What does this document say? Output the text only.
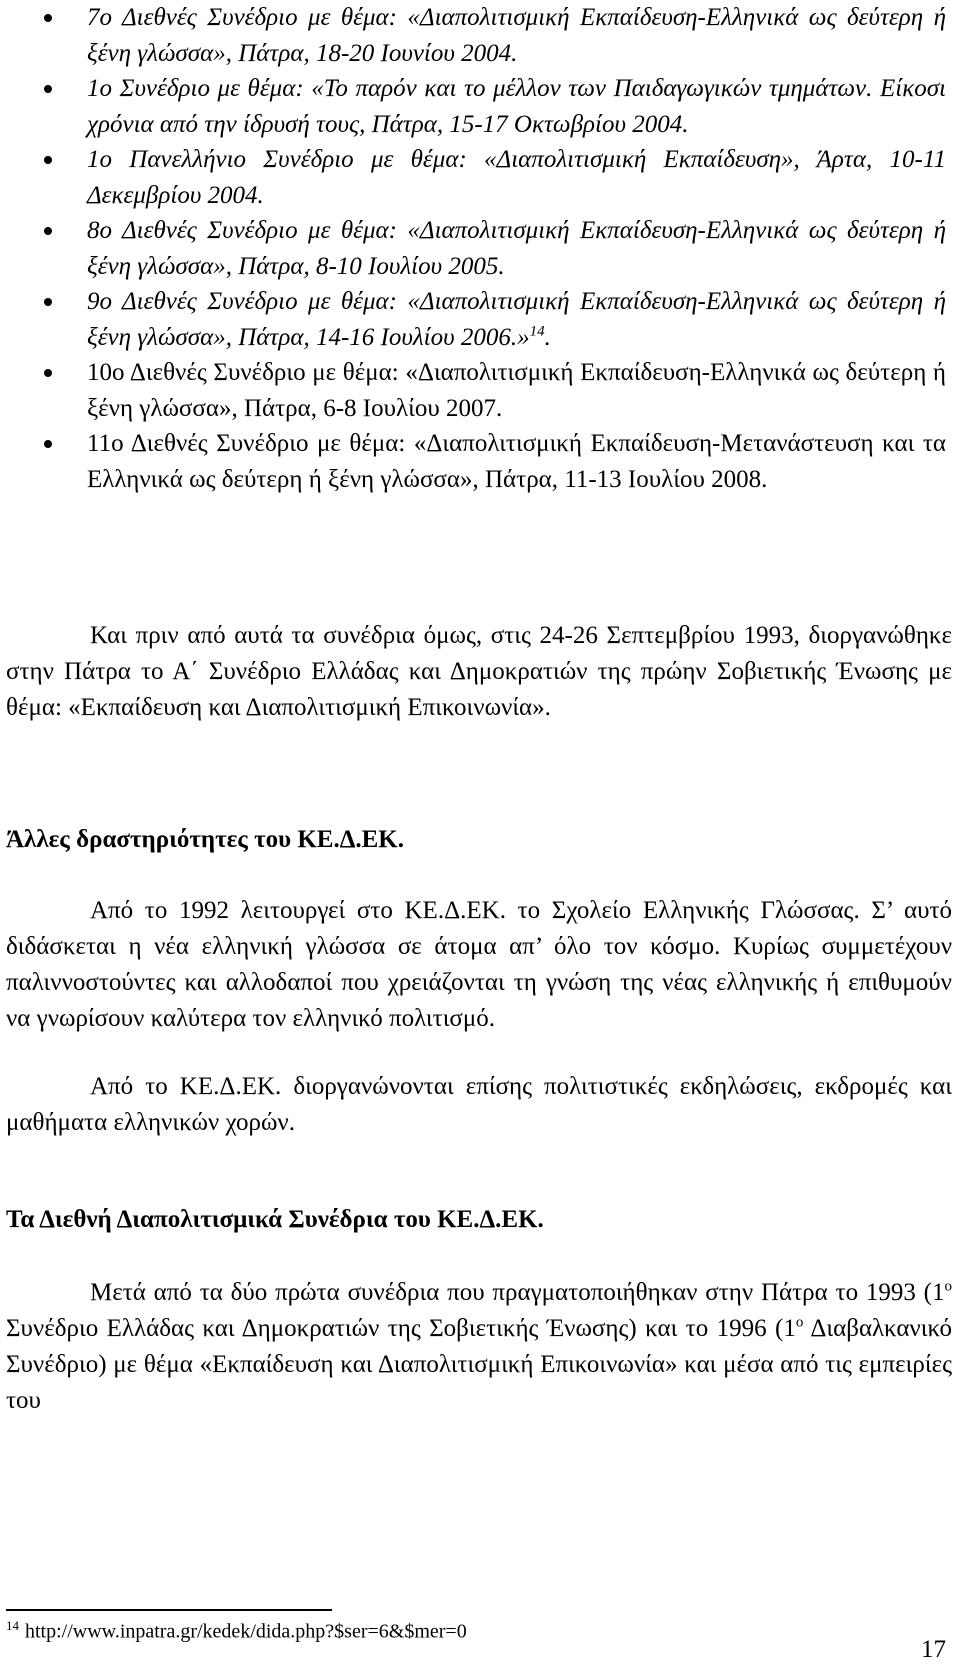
7ο Διεθνές Συνέδριο με θέμα: «Διαπολιτισμική Εκπαίδευση-Ελληνικά ως δεύτερη ή ξένη γλώσσα», Πάτρα, 18-20 Ιουνίου 2004.
1ο Συνέδριο με θέμα: «Το παρόν και το μέλλον των Παιδαγωγικών τμημάτων. Είκοσι χρόνια από την ίδρυσή τους, Πάτρα, 15-17 Οκτωβρίου 2004.
1ο Πανελλήνιο Συνέδριο με θέμα: «Διαπολιτισμική Εκπαίδευση», Άρτα, 10-11 Δεκεμβρίου 2004.
8ο Διεθνές Συνέδριο με θέμα: «Διαπολιτισμική Εκπαίδευση-Ελληνικά ως δεύτερη ή ξένη γλώσσα», Πάτρα, 8-10 Ιουλίου 2005.
9ο Διεθνές Συνέδριο με θέμα: «Διαπολιτισμική Εκπαίδευση-Ελληνικά ως δεύτερη ή ξένη γλώσσα», Πάτρα, 14-16 Ιουλίου 2006.»$^{14}$.
10ο Διεθνές Συνέδριο με θέμα: «Διαπολιτισμική Εκπαίδευση-Ελληνικά ως δεύτερη ή ξένη γλώσσα», Πάτρα, 6-8 Ιουλίου 2007.
11ο Διεθνές Συνέδριο με θέμα: «Διαπολιτισμική Εκπαίδευση-Μετανάστευση και τα Ελληνικά ως δεύτερη ή ξένη γλώσσα», Πάτρα, 11-13 Ιουλίου 2008.

Και πριν από αυτά τα συνέδρια όμως, στις 24-26 Σεπτεμβρίου 1993, διοργανώθηκε στην Πάτρα το Α΄ Συνέδριο Ελλάδας και Δημοκρατιών της πρώην Σοβιετικής Ένωσης με θέμα: «Εκπαίδευση και Διαπολιτισμική Επικοινωνία».

Άλλες δραστηριότητες του ΚΕ.Δ.ΕΚ.

Από το 1992 λειτουργεί στο ΚΕ.Δ.ΕΚ. το Σχολείο Ελληνικής Γλώσσας. Σ’ αυτό διδάσκεται η νέα ελληνική γλώσσα σε άτομα απ’ όλο τον κόσμο. Κυρίως συμμετέχουν παλιννοστούντες και αλλοδαποί που χρειάζονται τη γνώση της νέας ελληνικής ή επιθυμούν να γνωρίσουν καλύτερα τον ελληνικό πολιτισμό.

Από το ΚΕ.Δ.ΕΚ. διοργανώνονται επίσης πολιτιστικές εκδηλώσεις, εκδρομές και μαθήματα ελληνικών χορών.

Τα Διεθνή Διαπολιτισμικά Συνέδρια του ΚΕ.Δ.ΕΚ.

Μετά από τα δύο πρώτα συνέδρια που πραγματοποιήθηκαν στην Πάτρα το 1993 ($1^o$ Συνέδριο Ελλάδας και Δημοκρατιών της Σοβιετικής Ένωσης) και το 1996 ($1^o$ Διαβαλκανικό Συνέδριο) με θέμα «Εκπαίδευση και Διαπολιτισμική Επικοινωνία» και μέσα από τις εμπειρίες του

$^{14}$ http://www.inpatra.gr/kedek/dida.php?$ser=6&$mer=0
17
